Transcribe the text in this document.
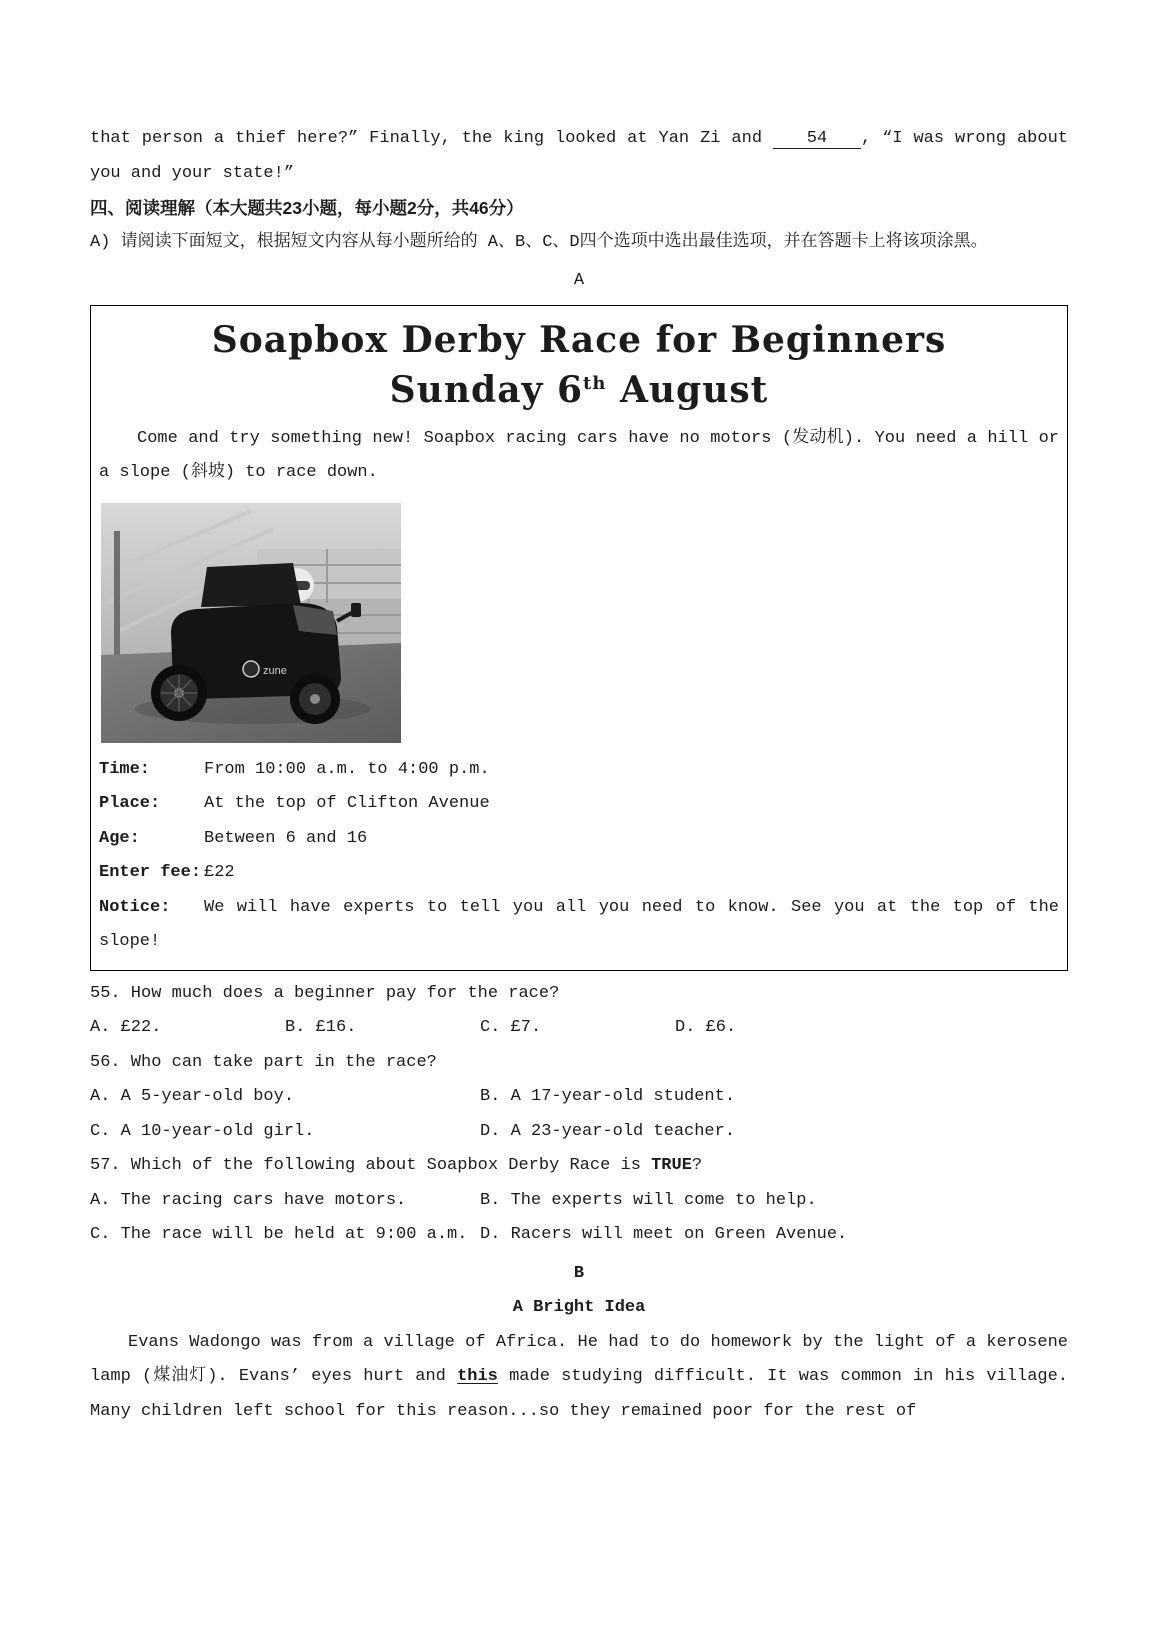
that person a thief here?” Finally, the king looked at Yan Zi and 54 , “I was wrong about you and your state!”

四、阅读理解（本大题共23小题，每小题2分，共46分）

A) 请阅读下面短文，根据短文内容从每小题所给的 A、B、C、D四个选项中选出最佳选项，并在答题卡上将该项涂黑。

A

Soapbox Derby Race for Beginners
Sunday 6th August

Come and try something new! Soapbox racing cars have no motors (发动机). You need a hill or a slope (斜坡) to race down.

zune

Time:	From 10:00 a.m. to 4:00 p.m.

Place:	At the top of Clifton Avenue

Age:	Between 6 and 16

Enter fee: £22

Notice: We will have experts to tell you all you need to know. See you at the top of the slope!

55. How much does a beginner pay for the race?

A. £22.	B. £16.	C. £7.	D. £6.

56. Who can take part in the race?

A. A 5-year-old boy.	B. A 17-year-old student.
C. A 10-year-old girl.	D. A 23-year-old teacher.

57. Which of the following about Soapbox Derby Race is TRUE?

A. The racing cars have motors.	B. The experts will come to help.
C. The race will be held at 9:00 a.m. D. Racers will meet on Green Avenue.

B

A Bright Idea

Evans Wadongo was from a village of Africa. He had to do homework by the light of a kerosene lamp (煤油灯). Evans’ eyes hurt and this made studying difficult. It was common in his village. Many children left school for this reason...so they remained poor for the rest of
